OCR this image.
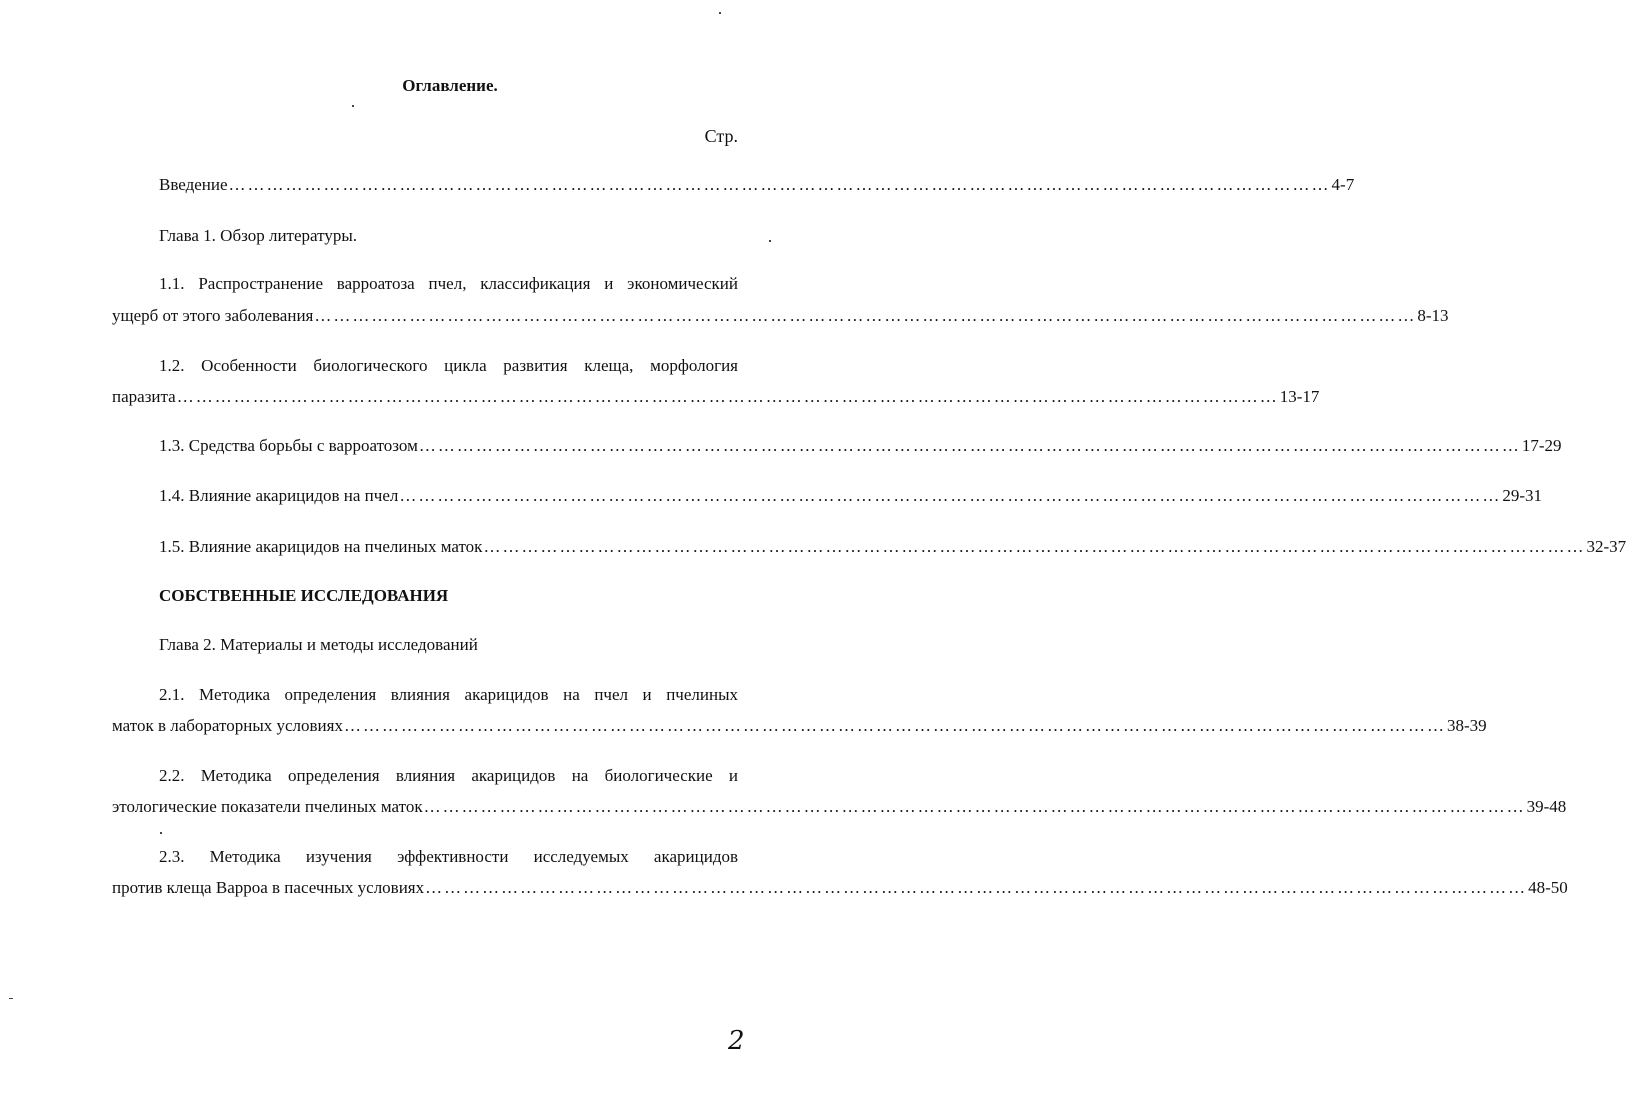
Оглавление.
Стр.
Введение ………………………………………………………………………………………………………………………………………………………… 4-7
Глава 1. Обзор литературы.
1.1. Распространение варроатоза пчел, классификация и экономический
ущерб от этого заболевания ………………………………………………………………………………………………………………………………………………………… 8-13
1.2. Особенности биологического цикла развития клеща, морфология
паразита ………………………………………………………………………………………………………………………………………………………… 13-17
1.3. Средства борьбы с варроатозом ………………………………………………………………………………………………………………………………………………………… 17-29
1.4. Влияние акарицидов на пчел ………………………………………………………………………………………………………………………………………………………… 29-31
1.5. Влияние акарицидов на пчелиных маток ………………………………………………………………………………………………………………………………………………………… 32-37
СОБСТВЕННЫЕ ИССЛЕДОВАНИЯ
Глава 2. Материалы и методы исследований
2.1. Методика определения влияния акарицидов на пчел и пчелиных
маток в лабораторных условиях ………………………………………………………………………………………………………………………………………………………… 38-39
2.2. Методика определения влияния акарицидов на биологические и
этологические показатели пчелиных маток ………………………………………………………………………………………………………………………………………………………… 39-48
2.3. Методика изучения эффективности исследуемых акарицидов
против клеща Варроа в пасечных условиях ………………………………………………………………………………………………………………………………………………………… 48-50
2
